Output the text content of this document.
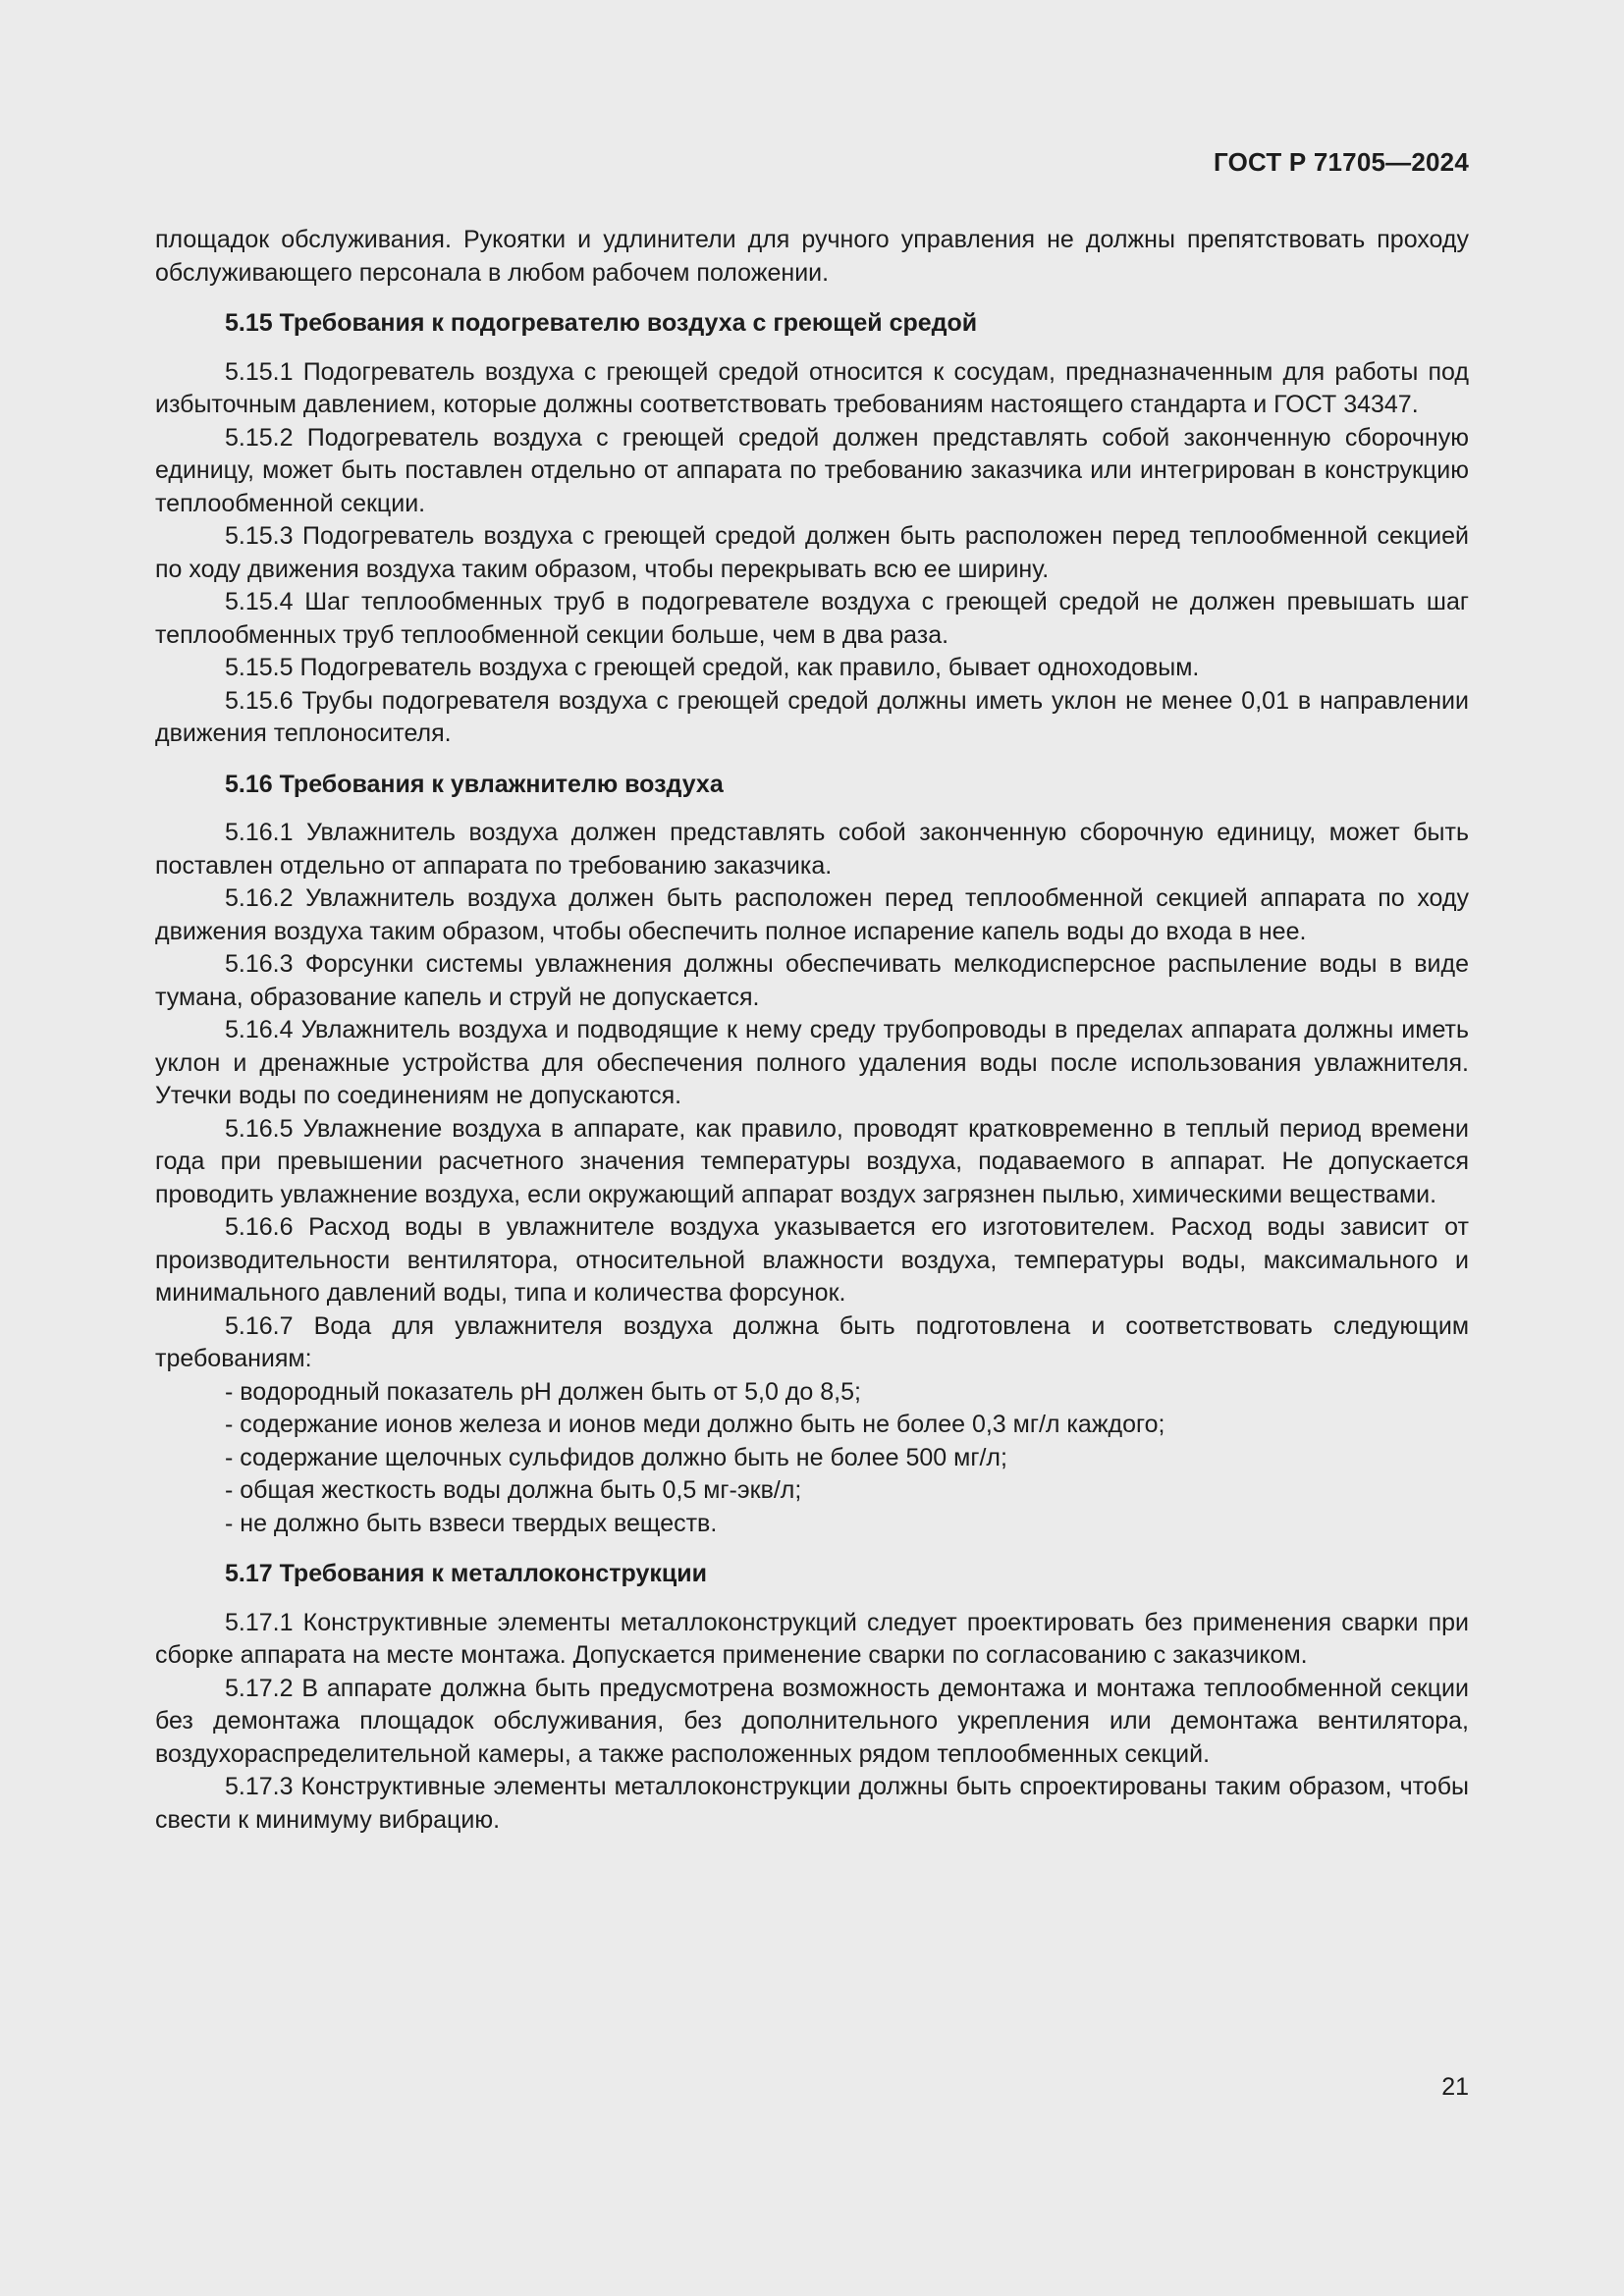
ГОСТ Р 71705—2024

площадок обслуживания. Рукоятки и удлинители для ручного управления не должны препятствовать проходу обслуживающего персонала в любом рабочем положении.

5.15 Требования к подогревателю воздуха с греющей средой

5.15.1 Подогреватель воздуха с греющей средой относится к сосудам, предназначенным для работы под избыточным давлением, которые должны соответствовать требованиям настоящего стандарта и ГОСТ 34347.

5.15.2 Подогреватель воздуха с греющей средой должен представлять собой законченную сборочную единицу, может быть поставлен отдельно от аппарата по требованию заказчика или интегрирован в конструкцию теплообменной секции.

5.15.3 Подогреватель воздуха с греющей средой должен быть расположен перед теплообменной секцией по ходу движения воздуха таким образом, чтобы перекрывать всю ее ширину.

5.15.4 Шаг теплообменных труб в подогревателе воздуха с греющей средой не должен превышать шаг теплообменных труб теплообменной секции больше, чем в два раза.

5.15.5 Подогреватель воздуха с греющей средой, как правило, бывает одноходовым.

5.15.6 Трубы подогревателя воздуха с греющей средой должны иметь уклон не менее 0,01 в направлении движения теплоносителя.

5.16 Требования к увлажнителю воздуха

5.16.1 Увлажнитель воздуха должен представлять собой законченную сборочную единицу, может быть поставлен отдельно от аппарата по требованию заказчика.

5.16.2 Увлажнитель воздуха должен быть расположен перед теплообменной секцией аппарата по ходу движения воздуха таким образом, чтобы обеспечить полное испарение капель воды до входа в нее.

5.16.3 Форсунки системы увлажнения должны обеспечивать мелкодисперсное распыление воды в виде тумана, образование капель и струй не допускается.

5.16.4 Увлажнитель воздуха и подводящие к нему среду трубопроводы в пределах аппарата должны иметь уклон и дренажные устройства для обеспечения полного удаления воды после использования увлажнителя. Утечки воды по соединениям не допускаются.

5.16.5 Увлажнение воздуха в аппарате, как правило, проводят кратковременно в теплый период времени года при превышении расчетного значения температуры воздуха, подаваемого в аппарат. Не допускается проводить увлажнение воздуха, если окружающий аппарат воздух загрязнен пылью, химическими веществами.

5.16.6 Расход воды в увлажнителе воздуха указывается его изготовителем. Расход воды зависит от производительности вентилятора, относительной влажности воздуха, температуры воды, максимального и минимального давлений воды, типа и количества форсунок.

5.16.7 Вода для увлажнителя воздуха должна быть подготовлена и соответствовать следующим требованиям:

- водородный показатель pH должен быть от 5,0 до 8,5;
- содержание ионов железа и ионов меди должно быть не более 0,3 мг/л каждого;
- содержание щелочных сульфидов должно быть не более 500 мг/л;
- общая жесткость воды должна быть 0,5 мг-экв/л;
- не должно быть взвеси твердых веществ.
5.17 Требования к металлоконструкции

5.17.1 Конструктивные элементы металлоконструкций следует проектировать без применения сварки при сборке аппарата на месте монтажа. Допускается применение сварки по согласованию с заказчиком.

5.17.2 В аппарате должна быть предусмотрена возможность демонтажа и монтажа теплообменной секции без демонтажа площадок обслуживания, без дополнительного укрепления или демонтажа вентилятора, воздухораспределительной камеры, а также расположенных рядом теплообменных секций.

5.17.3 Конструктивные элементы металлоконструкции должны быть спроектированы таким образом, чтобы свести к минимуму вибрацию.

21
